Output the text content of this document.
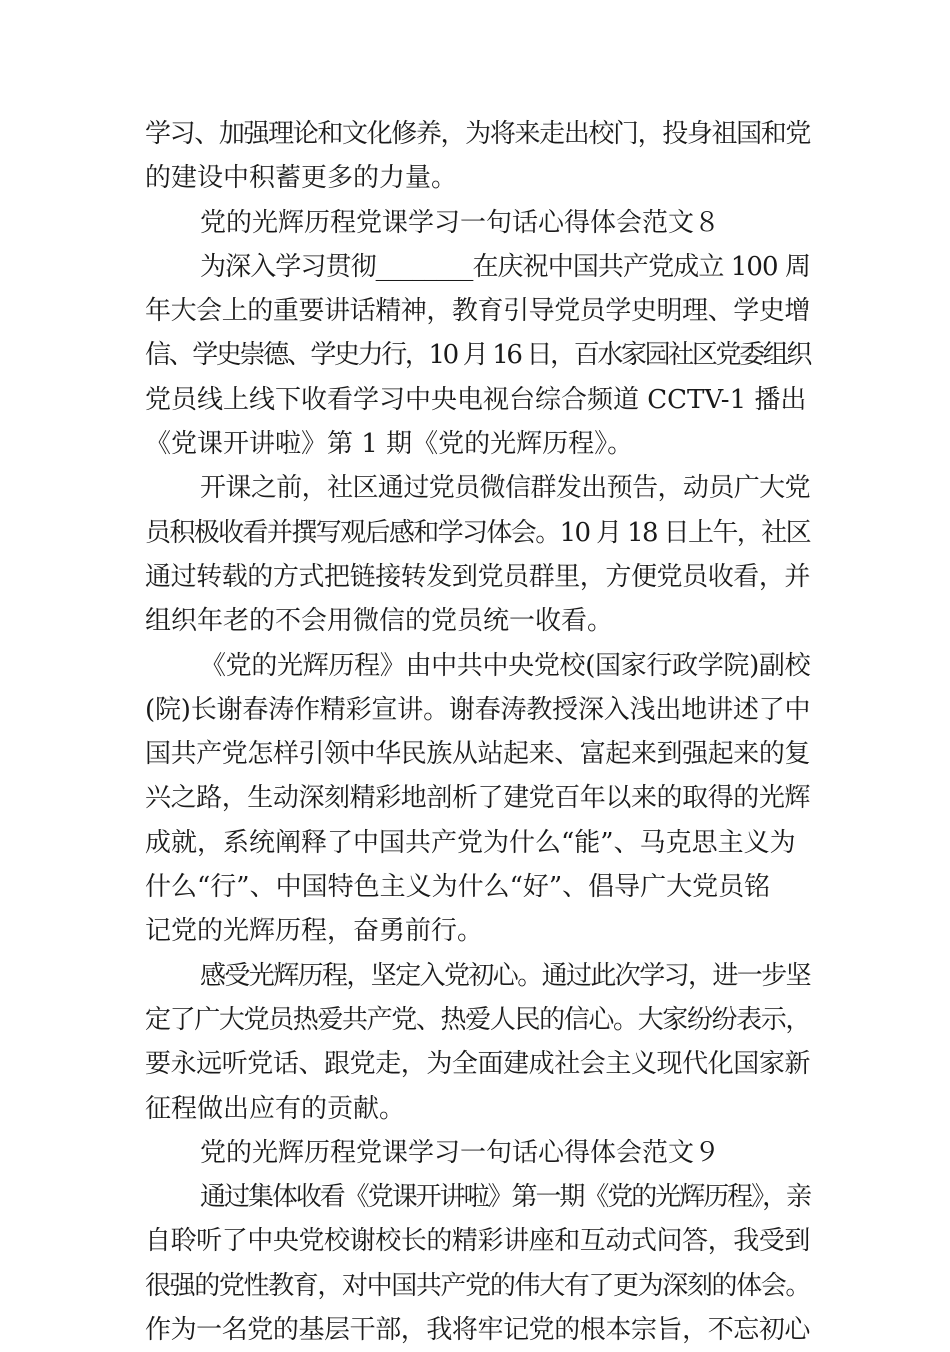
学习、加强理论和文化修养，为将来走出校门，投身祖国和党
的建设中积蓄更多的力量。
党的光辉历程党课学习一句话心得体会范文８
为深入学习贯彻________在庆祝中国共产党成立 100 周
年大会上的重要讲话精神，教育引导党员学史明理、学史增
信、学史崇德、学史力行，10 月 16 日，百水家园社区党委组织
党员线上线下收看学习中央电视台综合频道 CCTV-1 播出
《党课开讲啦》第 1 期《党的光辉历程》。
开课之前，社区通过党员微信群发出预告，动员广大党
员积极收看并撰写观后感和学习体会。10 月 18 日上午，社区
通过转载的方式把链接转发到党员群里，方便党员收看，并
组织年老的不会用微信的党员统一收看。
《党的光辉历程》由中共中央党校(国家行政学院)副校
(院)长谢春涛作精彩宣讲。谢春涛教授深入浅出地讲述了中
国共产党怎样引领中华民族从站起来、富起来到强起来的复
兴之路，生动深刻精彩地剖析了建党百年以来的取得的光辉
成就，系统阐释了中国共产党为什么“能”、马克思主义为
什么“行”、中国特色主义为什么“好”、倡导广大党员铭
记党的光辉历程，奋勇前行。
感受光辉历程，坚定入党初心。通过此次学习，进一步坚
定了广大党员热爱共产党、热爱人民的信心。大家纷纷表示，
要永远听党话、跟党走，为全面建成社会主义现代化国家新
征程做出应有的贡献。
党的光辉历程党课学习一句话心得体会范文９
通过集体收看《党课开讲啦》第一期《党的光辉历程》，亲
自聆听了中央党校谢校长的精彩讲座和互动式问答，我受到
很强的党性教育，对中国共产党的伟大有了更为深刻的体会。
作为一名党的基层干部，我将牢记党的根本宗旨，不忘初心
